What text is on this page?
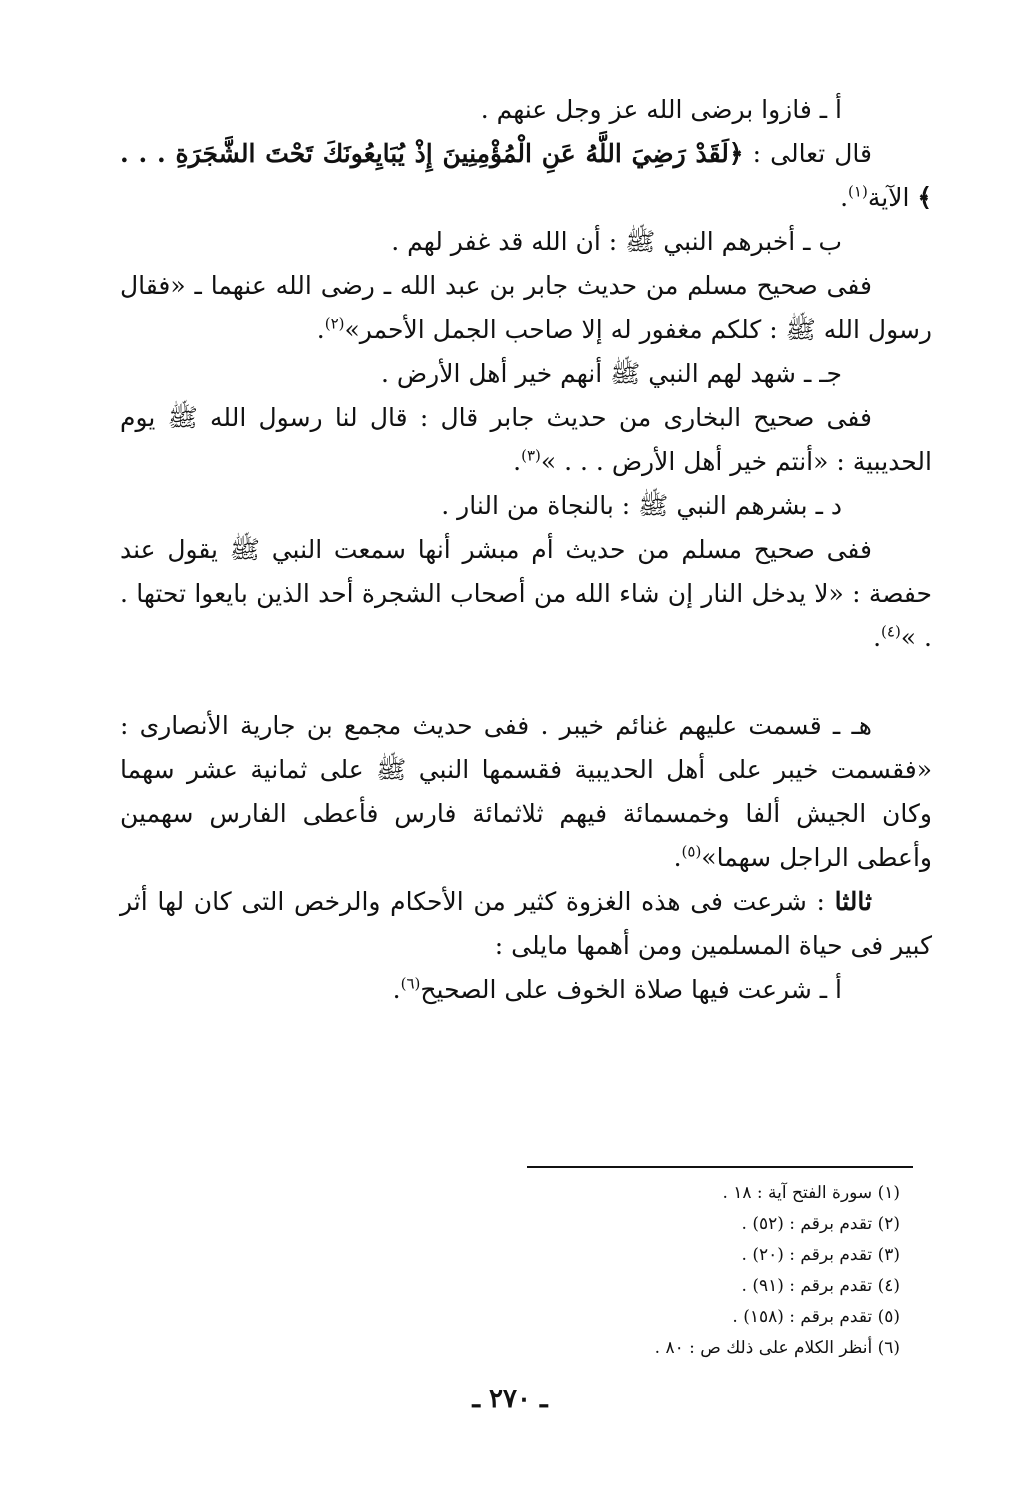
أ ـ فازوا برضى الله عز وجل عنهم .

قال تعالى : ﴿لَقَدْ رَضِيَ اللَّهُ عَنِ الْمُؤْمِنِينَ إِذْ يُبَايِعُونَكَ تَحْتَ الشَّجَرَةِ . . . ﴾ الآية$^{(١)}$.

ب ـ أخبرهم النبي ﷺ : أن الله قد غفر لهم .

ففى صحيح مسلم من حديث جابر بن عبد الله ـ رضى الله عنهما ـ «فقال رسول الله ﷺ : كلكم مغفور له إلا صاحب الجمل الأحمر»$^{(٢)}$.

جـ ـ شهد لهم النبي ﷺ أنهم خير أهل الأرض .

ففى صحيح البخارى من حديث جابر قال : قال لنا رسول الله ﷺ يوم الحديبية : «أنتم خير أهل الأرض . . . »$^{(٣)}$.

د ـ بشرهم النبي ﷺ : بالنجاة من النار .

ففى صحيح مسلم من حديث أم مبشر أنها سمعت النبي ﷺ يقول عند حفصة : «لا يدخل النار إن شاء الله من أصحاب الشجرة أحد الذين بايعوا تحتها . . »$^{(٤)}$.

هـ ـ قسمت عليهم غنائم خيبر . ففى حديث مجمع بن جارية الأنصارى : «فقسمت خيبر على أهل الحديبية فقسمها النبي ﷺ على ثمانية عشر سهما وكان الجيش ألفا وخمسمائة فيهم ثلاثمائة فارس فأعطى الفارس سهمين وأعطى الراجل سهما»$^{(٥)}$.

ثالثا : شرعت فى هذه الغزوة كثير من الأحكام والرخص التى كان لها أثر كبير فى حياة المسلمين ومن أهمها مايلى :

أ ـ شرعت فيها صلاة الخوف على الصحيح$^{(٦)}$.

(١) سورة الفتح آية : ١٨ .
(٢) تقدم برقم : (٥٢) .
(٣) تقدم برقم : (٢٠) .
(٤) تقدم برقم : (٩١) .
(٥) تقدم برقم : (١٥٨) .
(٦) أنظر الكلام على ذلك ص : ٨٠ .
ـ ٢٧٠ ـ
